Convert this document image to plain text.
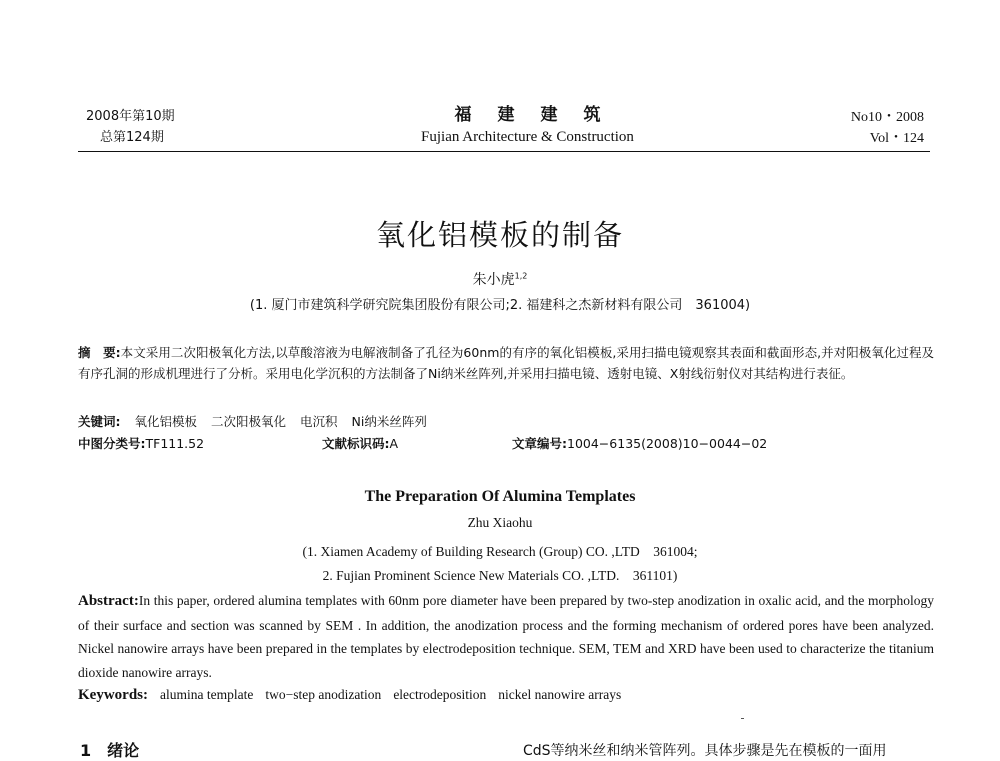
2008年第10期
总第124期
福建建筑
Fujian Architecture & Construction
No10・2008
Vol・124
氧化铝模板的制备
朱小虎$^{1,2}$
(1. 厦门市建筑科学研究院集团股份有限公司;2. 福建科之杰新材料有限公司　361004)
摘　要:本文采用二次阳极氧化方法,以草酸溶液为电解液制备了孔径为60nm的有序的氧化铝模板,采用扫描电镜观察其表面和截面形态,并对阳极氧化过程及有序孔洞的形成机理进行了分析。采用电化学沉积的方法制备了Ni纳米丝阵列,并采用扫描电镜、透射电镜、X射线衍射仪对其结构进行表征。
关键词: 氧化铝模板 二次阳极氧化 电沉积 Ni纳米丝阵列
中图分类号:TF111.52	文献标识码:A	文章编号:1004−6135(2008)10−0044−02
The Preparation Of Alumina Templates
Zhu Xiaohu
(1. Xiamen Academy of Building Research (Group) CO. ,LTD　361004;
2. Fujian Prominent Science New Materials CO. ,LTD.　361101)
Abstract:In this paper, ordered alumina templates with 60nm pore diameter have been prepared by two-step anodization in oxalic acid, and the morphology of their surface and section was scanned by SEM . In addition, the anodization process and the forming mechanism of ordered pores have been analyzed. Nickel nanowire arrays have been prepared in the templates by electrodeposition technique. SEM, TEM and XRD have been used to characterize the titanium dioxide nanowire arrays.
Keywords: alumina template two−step anodization electrodeposition nickel nanowire arrays
1　 绪论	CdS等纳米丝和纳米管阵列。具体步骤是先在模板的一面用
